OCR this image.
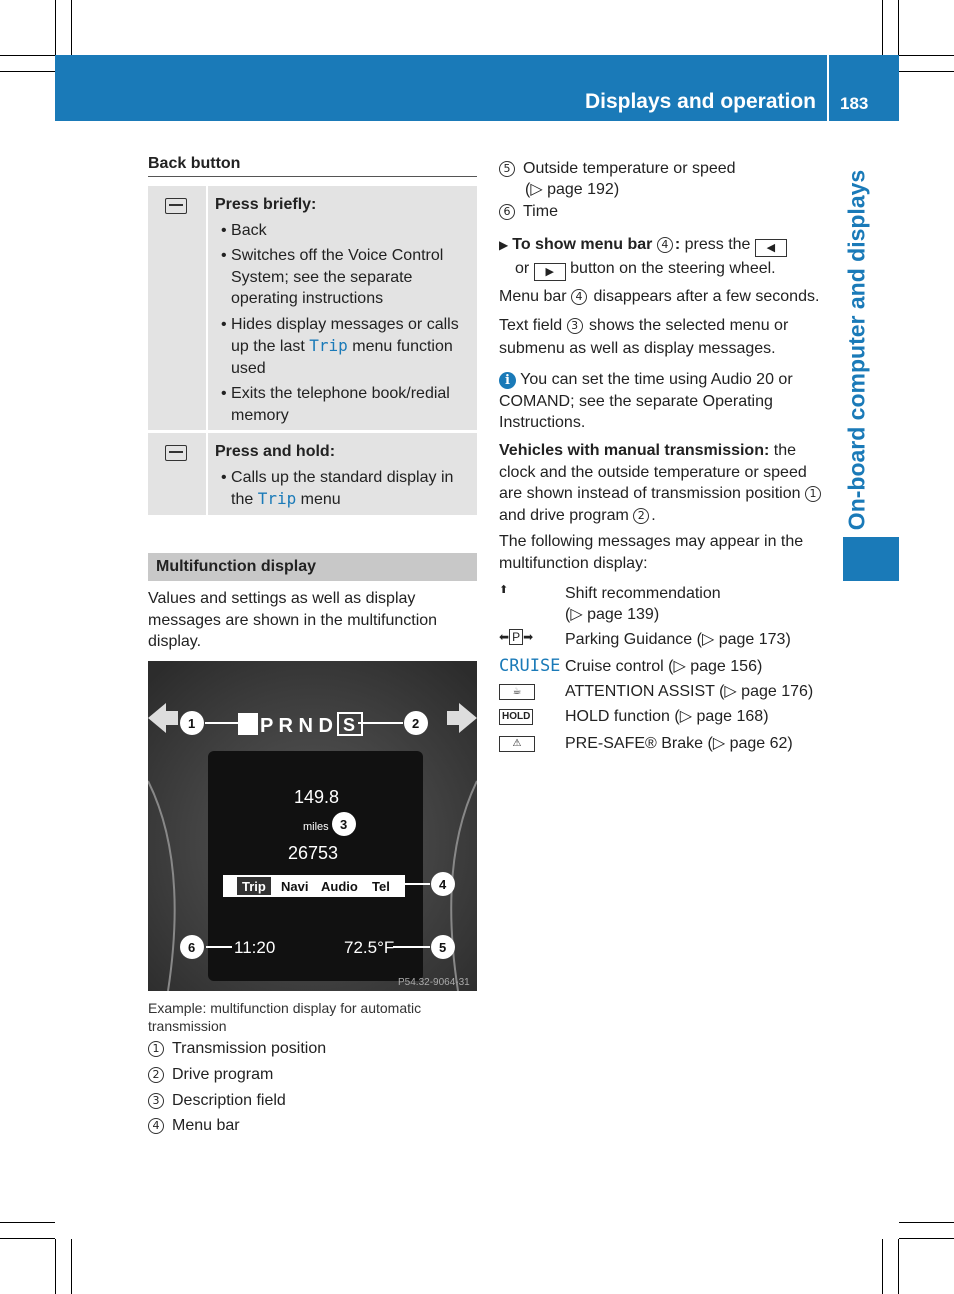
Displays and operation 183
On-board computer and displays
Back button
Press briefly:
• Back
• Switches off the Voice Control System; see the separate operating instructions
• Hides display messages or calls up the last Trip menu function used
• Exits the telephone book/redial memory
Press and hold:
• Calls up the standard display in the Trip menu
Multifunction display
Values and settings as well as display messages are shown in the multifunction display.
P R N D S
149.8
miles
26753
Trip Navi Audio Tel
11:20	72.5°F
1	2
3
4
5
6
P54.32-9064-31
Example: multifunction display for automatic transmission
1 Transmission position
2 Drive program
3 Description field
4 Menu bar
5 Outside temperature or speed
(▷ page 192)
6 Time
▶ To show menu bar 4 : press the ◀
or ▶ button on the steering wheel.
Menu bar 4 disappears after a few seconds.
Text field 3 shows the selected menu or submenu as well as display messages.
i You can set the time using Audio 20 or COMAND; see the separate Operating Instructions.
Vehicles with manual transmission: the clock and the outside temperature or speed are shown instead of transmission position 1 and drive program 2 .
The following messages may appear in the multifunction display:
⬆	Shift recommendation
(▷ page 139)
⬅ P ➡	Parking Guidance (▷ page 173)
CRUISE Cruise control (▷ page 156)
☕	ATTENTION ASSIST (▷ page 176)
HOLD	HOLD function (▷ page 168)
⚠	PRE-SAFE® Brake (▷ page 62)
